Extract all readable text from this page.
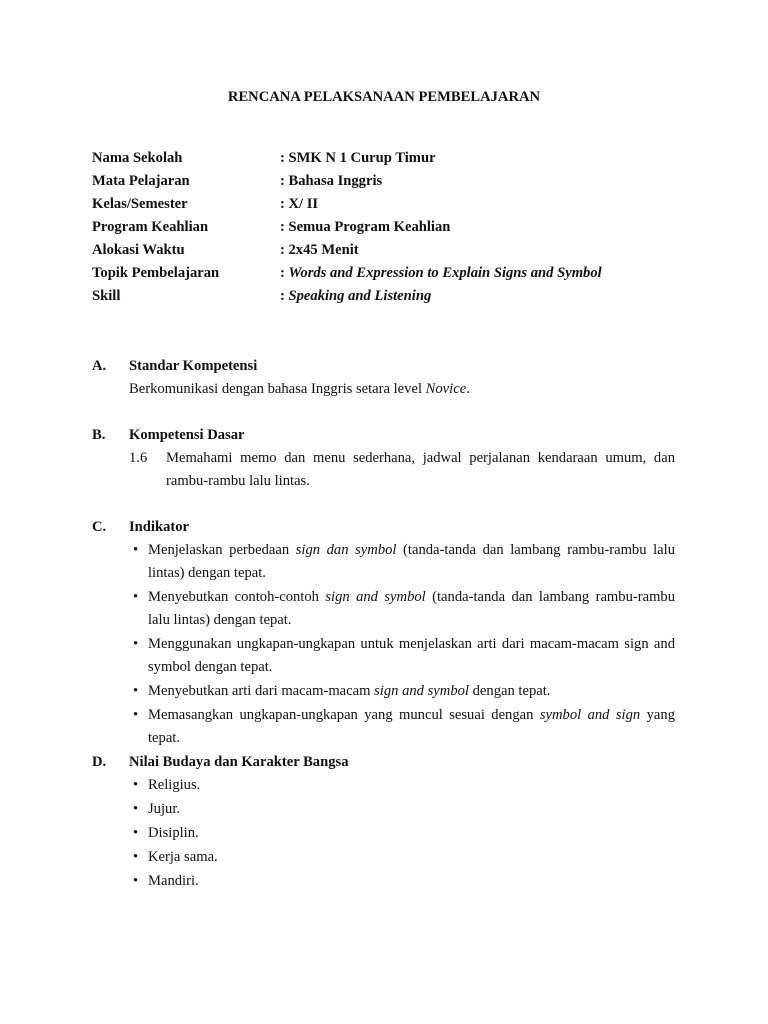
RENCANA PELAKSANAAN PEMBELAJARAN
Nama Sekolah	: SMK N 1 Curup Timur
Mata Pelajaran	: Bahasa Inggris
Kelas/Semester	: X/ II
Program Keahlian	: Semua Program Keahlian
Alokasi Waktu	: 2x45 Menit
Topik Pembelajaran	: Words and Expression to Explain Signs and Symbol
Skill	: Speaking and Listening
A. Standar Kompetensi
Berkomunikasi dengan bahasa Inggris setara level Novice.
B. Kompetensi Dasar
1.6	Memahami memo dan menu sederhana, jadwal perjalanan kendaraan umum, dan rambu-rambu lalu lintas.
C. Indikator
• Menjelaskan perbedaan sign dan symbol (tanda-tanda dan lambang rambu-rambu lalu lintas) dengan tepat.
• Menyebutkan contoh-contoh sign and symbol (tanda-tanda dan lambang rambu-rambu lalu lintas) dengan tepat.
• Menggunakan ungkapan-ungkapan untuk menjelaskan arti dari macam-macam sign and symbol dengan tepat.
• Menyebutkan arti dari macam-macam sign and symbol dengan tepat.
• Memasangkan ungkapan-ungkapan yang muncul sesuai dengan symbol and sign yang tepat.
D. Nilai Budaya dan Karakter Bangsa
• Religius.
• Jujur.
• Disiplin.
• Kerja sama.
• Mandiri.
